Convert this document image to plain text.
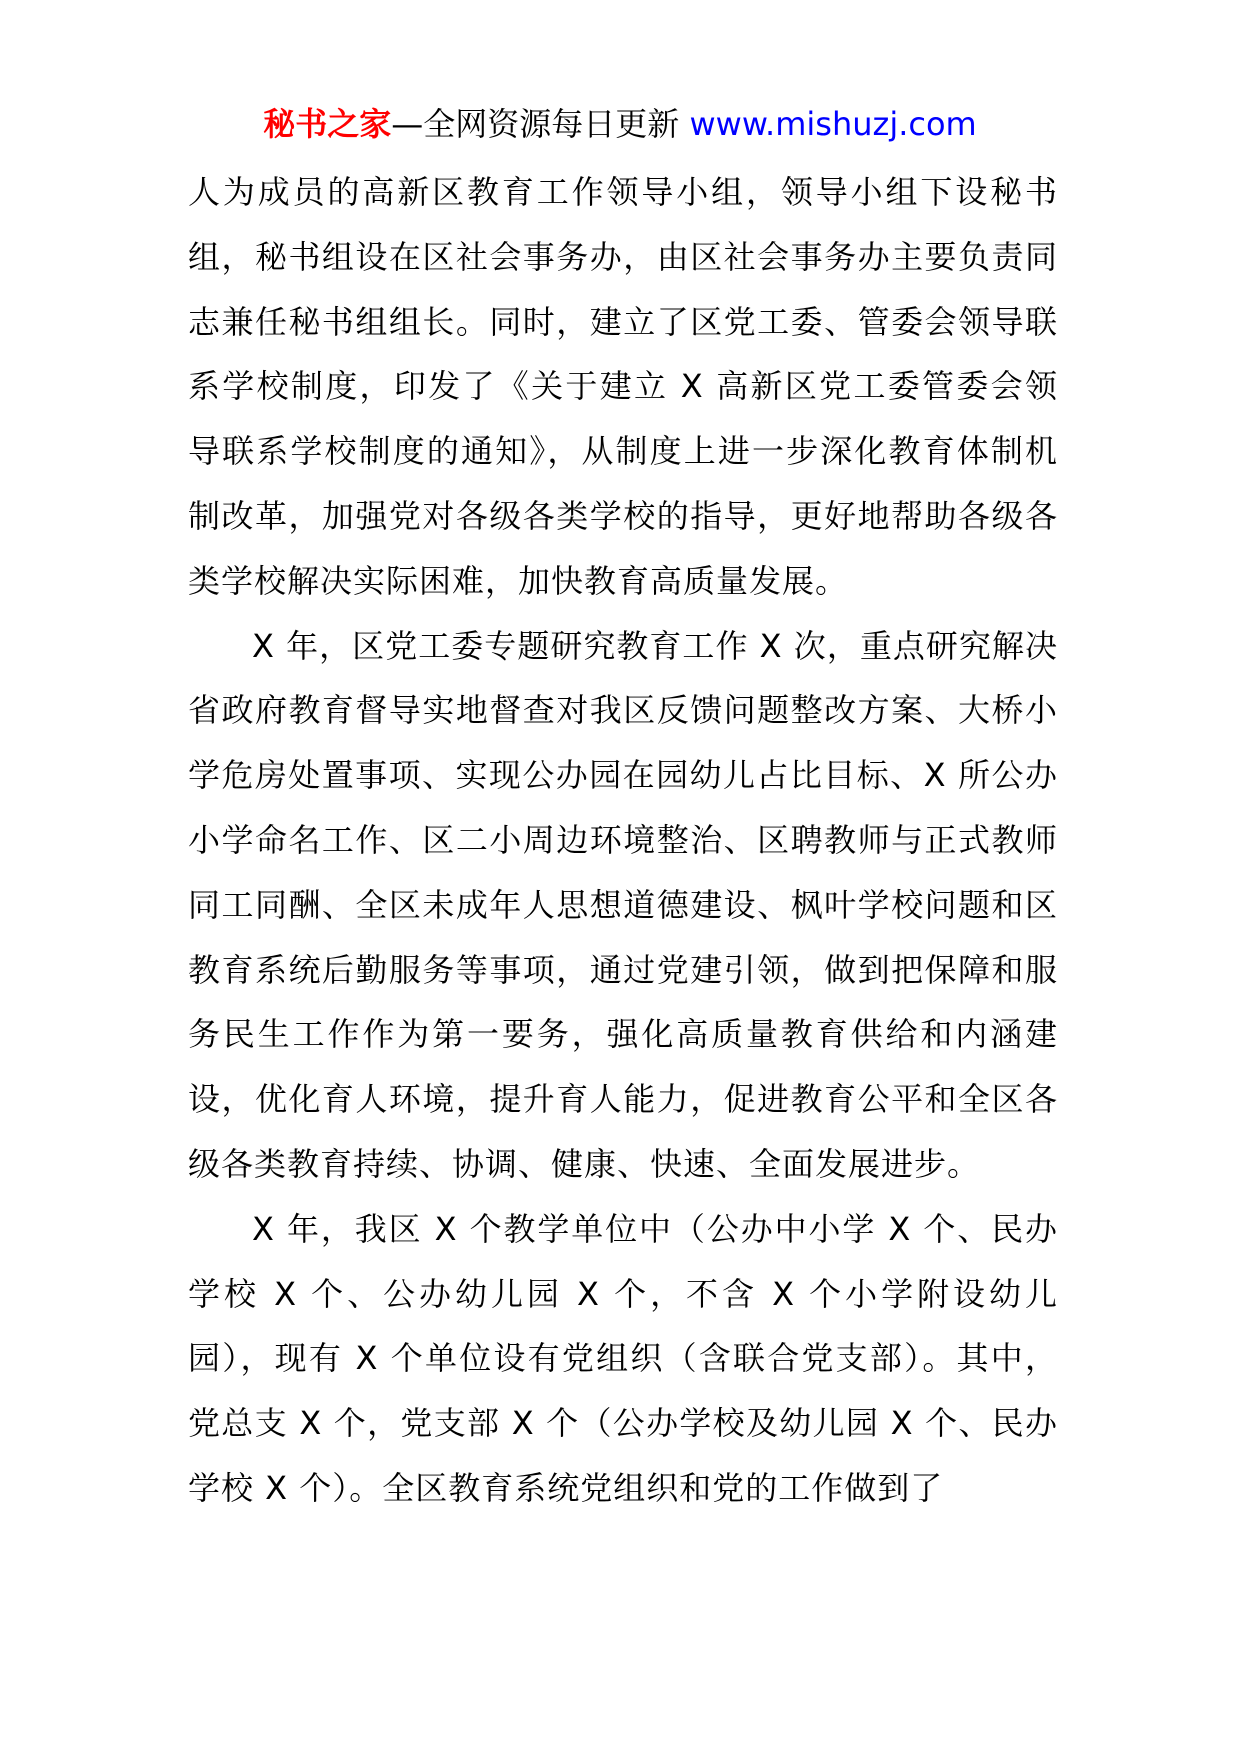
秘书之家—全网资源每日更新 www.mishuzj.com

人为成员的高新区教育工作领导小组，领导小组下设秘书组，秘书组设在区社会事务办，由区社会事务办主要负责同志兼任秘书组组长。同时，建立了区党工委、管委会领导联系学校制度，印发了《关于建立 X 高新区党工委管委会领导联系学校制度的通知》，从制度上进一步深化教育体制机制改革，加强党对各级各类学校的指导，更好地帮助各级各类学校解决实际困难，加快教育高质量发展。

X 年，区党工委专题研究教育工作 X 次，重点研究解决省政府教育督导实地督查对我区反馈问题整改方案、大桥小学危房处置事项、实现公办园在园幼儿占比目标、X 所公办小学命名工作、区二小周边环境整治、区聘教师与正式教师同工同酬、全区未成年人思想道德建设、枫叶学校问题和区教育系统后勤服务等事项，通过党建引领，做到把保障和服务民生工作作为第一要务，强化高质量教育供给和内涵建设，优化育人环境，提升育人能力，促进教育公平和全区各级各类教育持续、协调、健康、快速、全面发展进步。

X 年，我区 X 个教学单位中（公办中小学 X 个、民办学校 X 个、公办幼儿园 X 个，不含 X 个小学附设幼儿园），现有 X 个单位设有党组织（含联合党支部）。其中，党总支 X 个，党支部 X 个（公办学校及幼儿园 X 个、民办学校 X 个）。全区教育系统党组织和党的工作做到了
